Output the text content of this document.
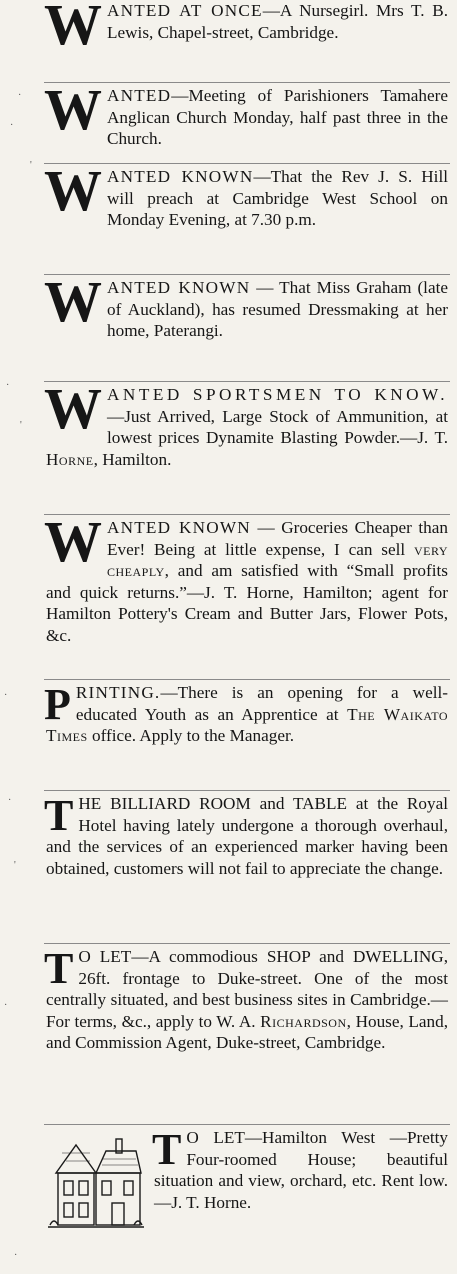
·
·
'
·
'
·
·
'
·
·

W ANTED AT ONCE—A Nursegirl. Mrs T. B. Lewis, Chapel-street, Cambridge.

W ANTED—Meeting of Parishioners Tamahere Anglican Church Monday, half past three in the Church.

W ANTED KNOWN—That the Rev J. S. Hill will preach at Cambridge West School on Monday Evening, at 7.30 p.m.

W ANTED KNOWN — That Miss Graham (late of Auckland), has resumed Dressmaking at her home, Paterangi.

W ANTED SPORTSMEN TO KNOW.—Just Arrived, Large Stock of Ammunition, at lowest prices Dynamite Blasting Powder.—J. T. Horne, Hamilton.

W ANTED KNOWN — Groceries Cheaper than Ever! Being at little expense, I can sell very cheaply, and am satisfied with “Small profits and quick returns.”—J. T. Horne, Hamilton; agent for Hamilton Pottery's Cream and Butter Jars, Flower Pots, &c.

P RINTING.—There is an opening for a well-educated Youth as an Apprentice at The Waikato Times office. Apply to the Manager.

T HE BILLIARD ROOM and TABLE at the Royal Hotel having lately undergone a thorough overhaul, and the services of an experienced marker having been obtained, customers will not fail to appreciate the change.

T O LET—A commodious SHOP and DWELLING, 26ft. frontage to Duke-street. One of the most centrally situated, and best business sites in Cambridge.—For terms, &c., apply to W. A. Richardson, House, Land, and Commission Agent, Duke-street, Cambridge.

T O LET—Hamilton West —Pretty Four-roomed House; beautiful situation and view, orchard, etc. Rent low. —J. T. Horne.
